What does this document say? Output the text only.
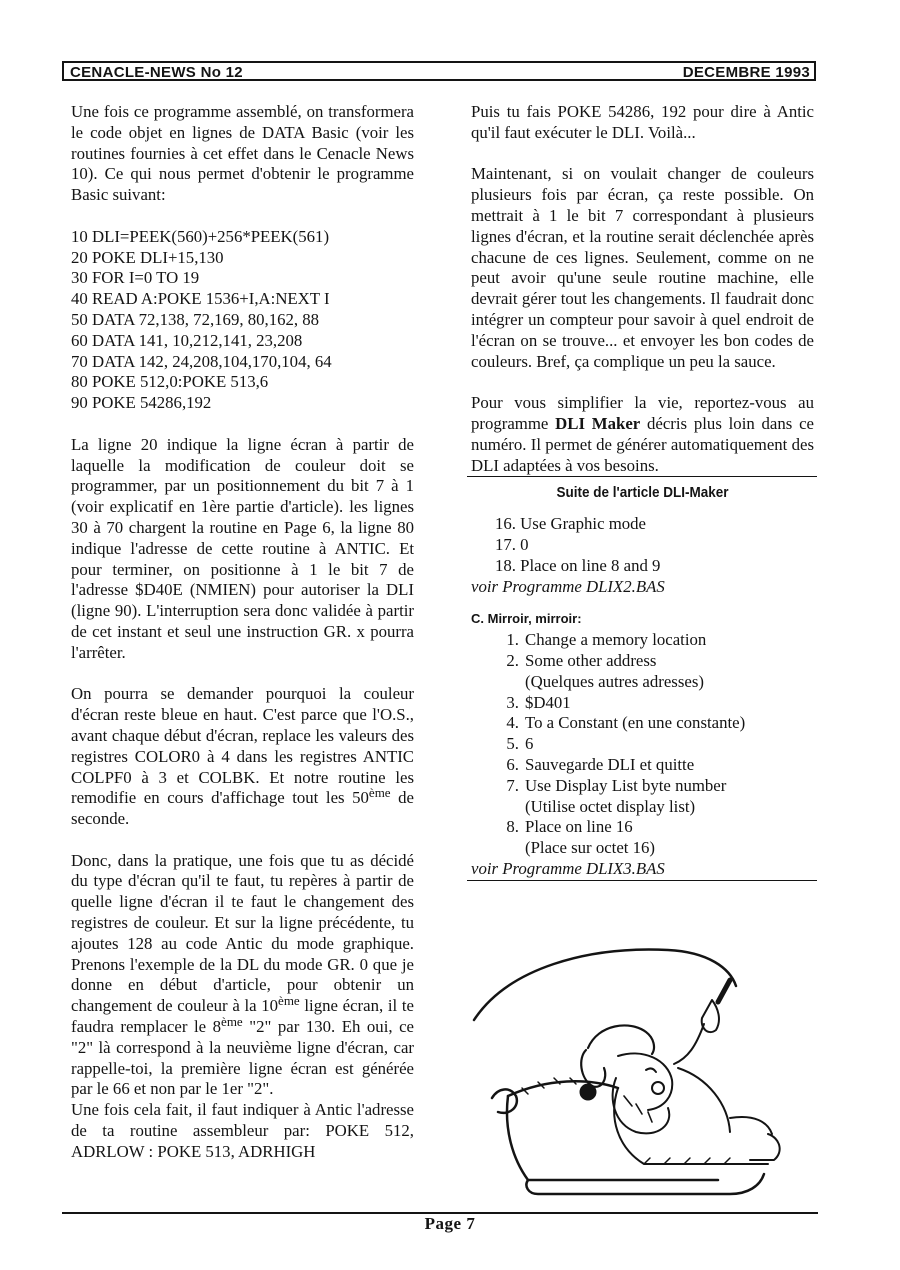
CENACLE-NEWS No 12	DECEMBRE 1993

Une fois ce programme assemblé, on transformera le code objet en lignes de DATA Basic (voir les routines fournies à cet effet dans le Cenacle News 10). Ce qui nous permet d'obtenir le programme Basic suivant:

10 DLI=PEEK(560)+256*PEEK(561)
20 POKE DLI+15,130
30 FOR I=0 TO 19
40 READ A:POKE 1536+I,A:NEXT I
50 DATA 72,138, 72,169, 80,162, 88
60 DATA 141, 10,212,141, 23,208
70 DATA 142, 24,208,104,170,104, 64
80 POKE 512,0:POKE 513,6
90 POKE 54286,192

La ligne 20 indique la ligne écran à partir de laquelle la modification de couleur doit se programmer, par un positionnement du bit 7 à 1 (voir explicatif en 1ère partie d'article). les lignes 30 à 70 chargent la routine en Page 6, la ligne 80 indique l'adresse de cette routine à ANTIC. Et pour terminer, on positionne à 1 le bit 7 de l'adresse $D40E (NMIEN) pour autoriser la DLI (ligne 90). L'interruption sera donc validée à partir de cet instant et seul une instruction GR. x pourra l'arrêter.

On pourra se demander pourquoi la couleur d'écran reste bleue en haut. C'est parce que l'O.S., avant chaque début d'écran, replace les valeurs des registres COLOR0 à 4 dans les registres ANTIC COLPF0 à 3 et COLBK. Et notre routine les remodifie en cours d'affichage tout les 50ème de seconde.

Donc, dans la pratique, une fois que tu as décidé du type d'écran qu'il te faut, tu repères à partir de quelle ligne d'écran il te faut le changement des registres de couleur. Et sur la ligne précédente, tu ajoutes 128 au code Antic du mode graphique. Prenons l'exemple de la DL du mode GR. 0 que je donne en début d'article, pour obtenir un changement de couleur à la 10ème ligne écran, il te faudra remplacer le 8ème "2" par 130. Eh oui, ce "2" là correspond à la neuvième ligne d'écran, car rappelle-toi, la première ligne écran est générée par le 66 et non par le 1er "2".

Une fois cela fait, il faut indiquer à Antic l'adresse de ta routine assembleur par: POKE 512, ADRLOW : POKE 513, ADRHIGH

Puis tu fais POKE 54286, 192 pour dire à Antic qu'il faut exécuter le DLI. Voilà...

Maintenant, si on voulait changer de couleurs plusieurs fois par écran, ça reste possible. On mettrait à 1 le bit 7 correspondant à plusieurs lignes d'écran, et la routine serait déclenchée après chacune de ces lignes. Seulement, comme on ne peut avoir qu'une seule routine machine, elle devrait gérer tout les changements. Il faudrait donc intégrer un compteur pour savoir à quel endroit de l'écran on se trouve... et envoyer les bon codes de couleurs. Bref, ça complique un peu la sauce.

Pour vous simplifier la vie, reportez-vous au programme DLI Maker décris plus loin dans ce numéro. Il permet de générer automatiquement des DLI adaptées à vos besoins.

Suite de l'article DLI-Maker
16. Use Graphic mode
17. 0
18. Place on line 8 and 9

voir Programme DLIX2.BAS

C. Mirroir, mirroir:
1. Change a memory location
2. Some other address
(Quelques autres adresses)
3. $D401
4. To a Constant (en une constante)
5. 6
6. Sauvegarde DLI et quitte
7. Use Display List byte number
(Utilise octet display list)
8. Place on line 16
(Place sur octet 16)

voir Programme DLIX3.BAS

Page 7
